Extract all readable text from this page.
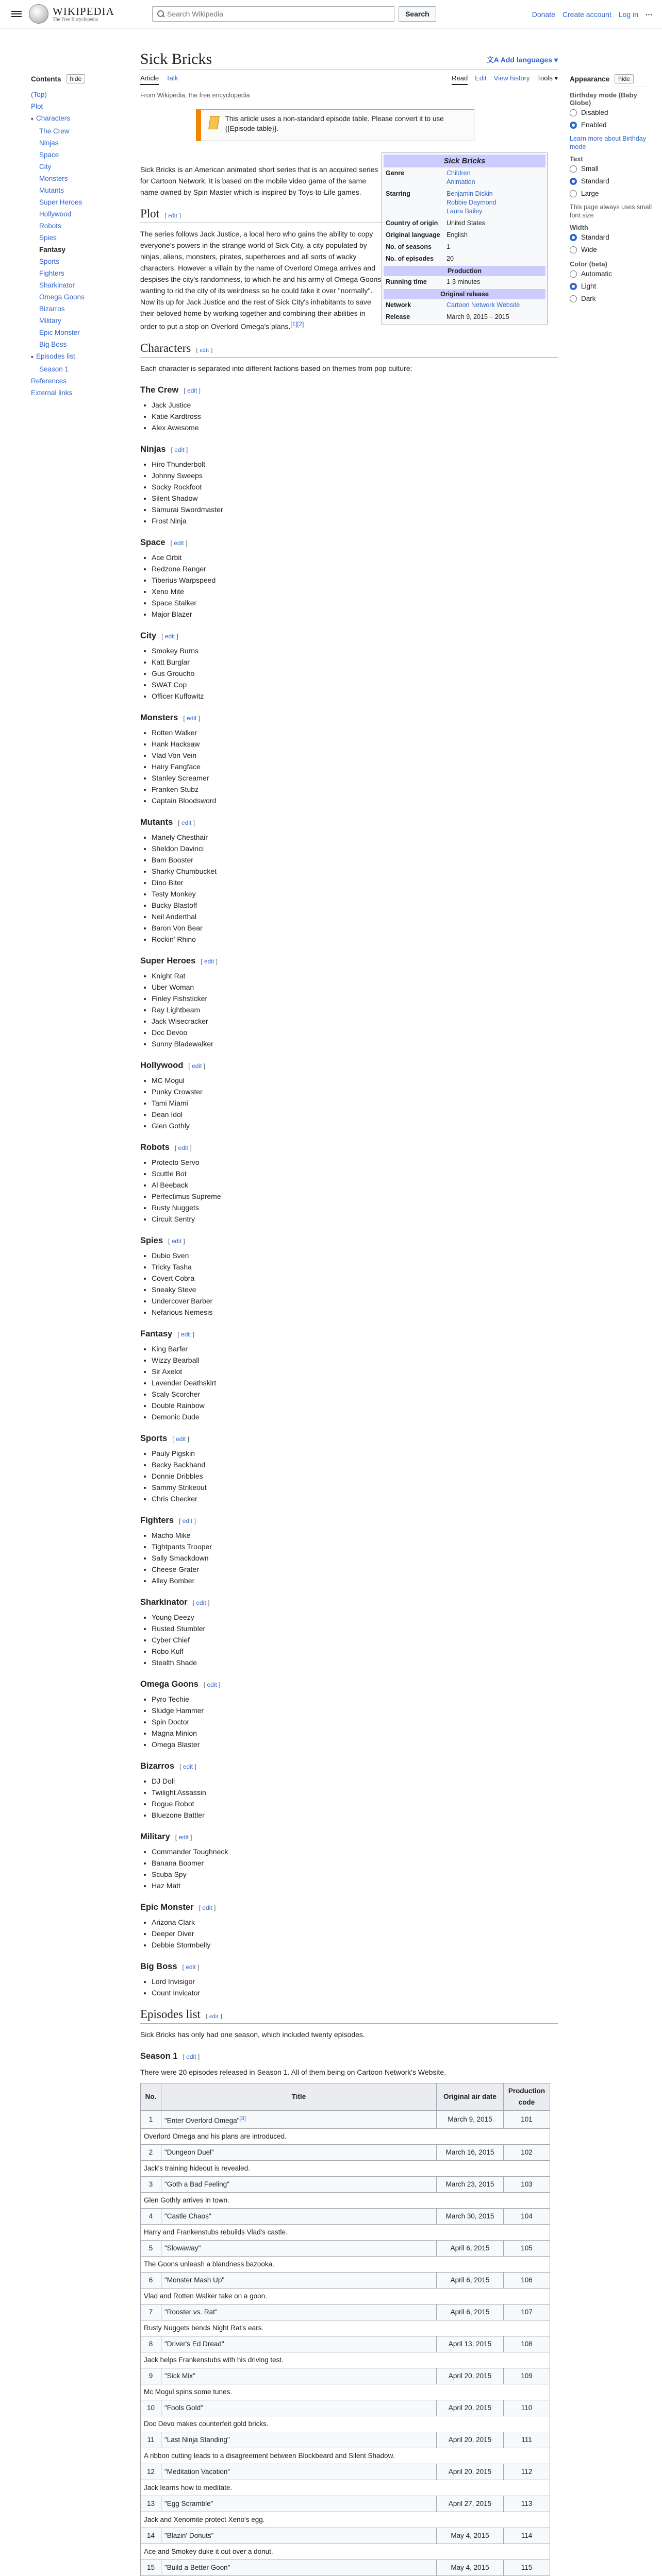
WIKIPEDIA
The Free Encyclopedia
Search Wikipedia
Search	Donate Create account Log in ···
Contents	hide
(Top)
Plot
▾ Characters
The Crew
Ninjas
Space
City
Monsters
Mutants
Super Heroes
Hollywood
Robots
Spies
Fantasy
Sports
Fighters
Sharkinator
Omega Goons
Bizarros
Military
Epic Monster
Big Boss
▾ Episodes list
Season 1
References
External links
Sick Bricks	文A Add languages ▾
Article Talk	Read Edit View history Tools ▾
From Wikipedia, the free encyclopedia
This article uses a non-standard episode table. Please convert it to use {{Episode table}}.
Sick Bricks
Genre	Children
Animation
Starring	Benjamin Diskin
Robbie Daymond
Laura Bailey
Country of origin	United States
Original language English
No. of seasons	1
No. of episodes	20
Production
Running time	1-3 minutes
Original release
Network	Cartoon Network Website
Release	March 9, 2015 – 2015

Sick Bricks is an American animated short series that is an acquired series for Cartoon Network. It is based on the mobile video game of the same name owned by Spin Master which is inspired by Toys-to-Life games.

Plot [ edit ]

The series follows Jack Justice, a local hero who gains the ability to copy everyone's powers in the strange world of Sick City, a city populated by ninjas, aliens, monsters, pirates, superheroes and all sorts of wacky characters. However a villain by the name of Overlord Omega arrives and despises the city's randomness, to which he and his army of Omega Goons wanting to rid the city of its weirdness so he could take it over "normally". Now its up for Jack Justice and the rest of Sick City's inhabitants to save their beloved home by working together and combining their abilities in order to put a stop on Overlord Omega's plans.[1][2]

Characters [ edit ]

Each character is separated into different factions based on themes from pop culture:

The Crew [ edit ]
• Jack Justice
• Katie Kardtross
• Alex Awesome
Ninjas [ edit ]
• Hiro Thunderbolt
• Johnny Sweeps
• Socky Rockfoot
• Silent Shadow
• Samurai Swordmaster
• Frost Ninja
Space [ edit ]
• Ace Orbit
• Redzone Ranger
• Tiberius Warpspeed
• Xeno Mite
• Space Stalker
• Major Blazer
City [ edit ]
• Smokey Burns
• Katt Burglar
• Gus Groucho
• SWAT Cop
• Officer Kuffowitz
Monsters [ edit ]
• Rotten Walker
• Hank Hacksaw
• Vlad Von Vein
• Hairy Fangface
• Stanley Screamer
• Franken Stubz
• Captain Bloodsword
Mutants [ edit ]
• Manely Chesthair
• Sheldon Davinci
• Bam Booster
• Sharky Chumbucket
• Dino Biter
• Testy Monkey
• Bucky Blastoff
• Neil Anderthal
• Baron Von Bear
• Rockin' Rhino
Super Heroes [ edit ]
• Knight Rat
• Uber Woman
• Finley Fishsticker
• Ray Lightbeam
• Jack Wisecracker
• Doc Devoo
• Sunny Bladewalker
Hollywood [ edit ]
• MC Mogul
• Punky Crowster
• Tami Miami
• Dean Idol
• Glen Gothly
Robots [ edit ]
• Protecto Servo
• Scuttle Bot
• Al Beeback
• Perfectimus Supreme
• Rusty Nuggets
• Circuit Sentry
Spies [ edit ]
• Dubio Sven
• Tricky Tasha
• Covert Cobra
• Sneaky Steve
• Undercover Barber
• Nefarious Nemesis
Fantasy [ edit ]
• King Barfer
• Wizzy Bearball
• Sir Axelot
• Lavender Deathskirt
• Scaly Scorcher
• Double Rainbow
• Demonic Dude
Sports [ edit ]
• Pauly Pigskin
• Becky Backhand
• Donnie Dribbles
• Sammy Strikeout
• Chris Checker
Fighters [ edit ]
• Macho Mike
• Tightpants Trooper
• Sally Smackdown
• Cheese Grater
• Alley Bomber
Sharkinator [ edit ]
• Young Deezy
• Rusted Stumbler
• Cyber Chief
• Robo Kuff
• Stealth Shade
Omega Goons [ edit ]
• Pyro Techie
• Sludge Hammer
• Spin Doctor
• Magna Minion
• Omega Blaster
Bizarros [ edit ]
• DJ Doll
• Twilight Assassin
• Rogue Robot
• Bluezone Battler
Military [ edit ]
• Commander Toughneck
• Banana Boomer
• Scuba Spy
• Haz Matt
Epic Monster [ edit ]
• Arizona Clark
• Deeper Diver
• Debbie Stormbelly
Big Boss [ edit ]
• Lord Invisigor
• Count Invicator
Episodes list [ edit ]

Sick Bricks has only had one season, which included twenty episodes.

Season 1 [ edit ]

There were 20 episodes released in Season 1. All of them being on Cartoon Network's Website.

No.	Title	Original air date	Production code
1	"Enter Overlord Omega"[3]	March 9, 2015	101
Overlord Omega and his plans are introduced.			
2	"Dungeon Duel"	March 16, 2015	102
Jack's training hideout is revealed.			
3	"Goth a Bad Feeling"	March 23, 2015	103
Glen Gothly arrives in town.			
4	"Castle Chaos"	March 30, 2015	104
Harry and Frankenstubs rebuilds Vlad's castle.			
5	"Slowaway"	April 6, 2015	105
The Goons unleash a blandness bazooka.			
6	"Monster Mash Up"	April 6, 2015	106
Vlad and Rotten Walker take on a goon.			
7	"Rooster vs. Rat"	April 6, 2015	107
Rusty Nuggets bends Night Rat's ears.			
8	"Driver's Ed Dread"	April 13, 2015	108
Jack helps Frankenstubs with his driving test.			
9	"Sick Mix"	April 20, 2015	109
Mc Mogul spins some tunes.			
10	"Fools Gold"	April 20, 2015	110
Doc Devo makes counterfeit gold bricks.			
11	"Last Ninja Standing"	April 20, 2015	111
A ribbon cutting leads to a disagreement between Blockbeard and Silent Shadow.			
12	"Meditation Vacation"	April 20, 2015	112
Jack learns how to meditate.			
13	"Egg Scramble"	April 27, 2015	113
Jack and Xenomite protect Xeno's egg.			
14	"Blazin' Donuts"	May 4, 2015	114
Ace and Smokey duke it out over a donut.			
15	"Build a Better Goon"	May 4, 2015	115

Appearance	hide
Birthday mode (Baby Globe)
Disabled
Enabled
Learn more about Birthday mode
Text
Small
Standard
Large
This page always uses small font size
Width
Standard
Wide
Color (beta)
Automatic
Light
Dark
